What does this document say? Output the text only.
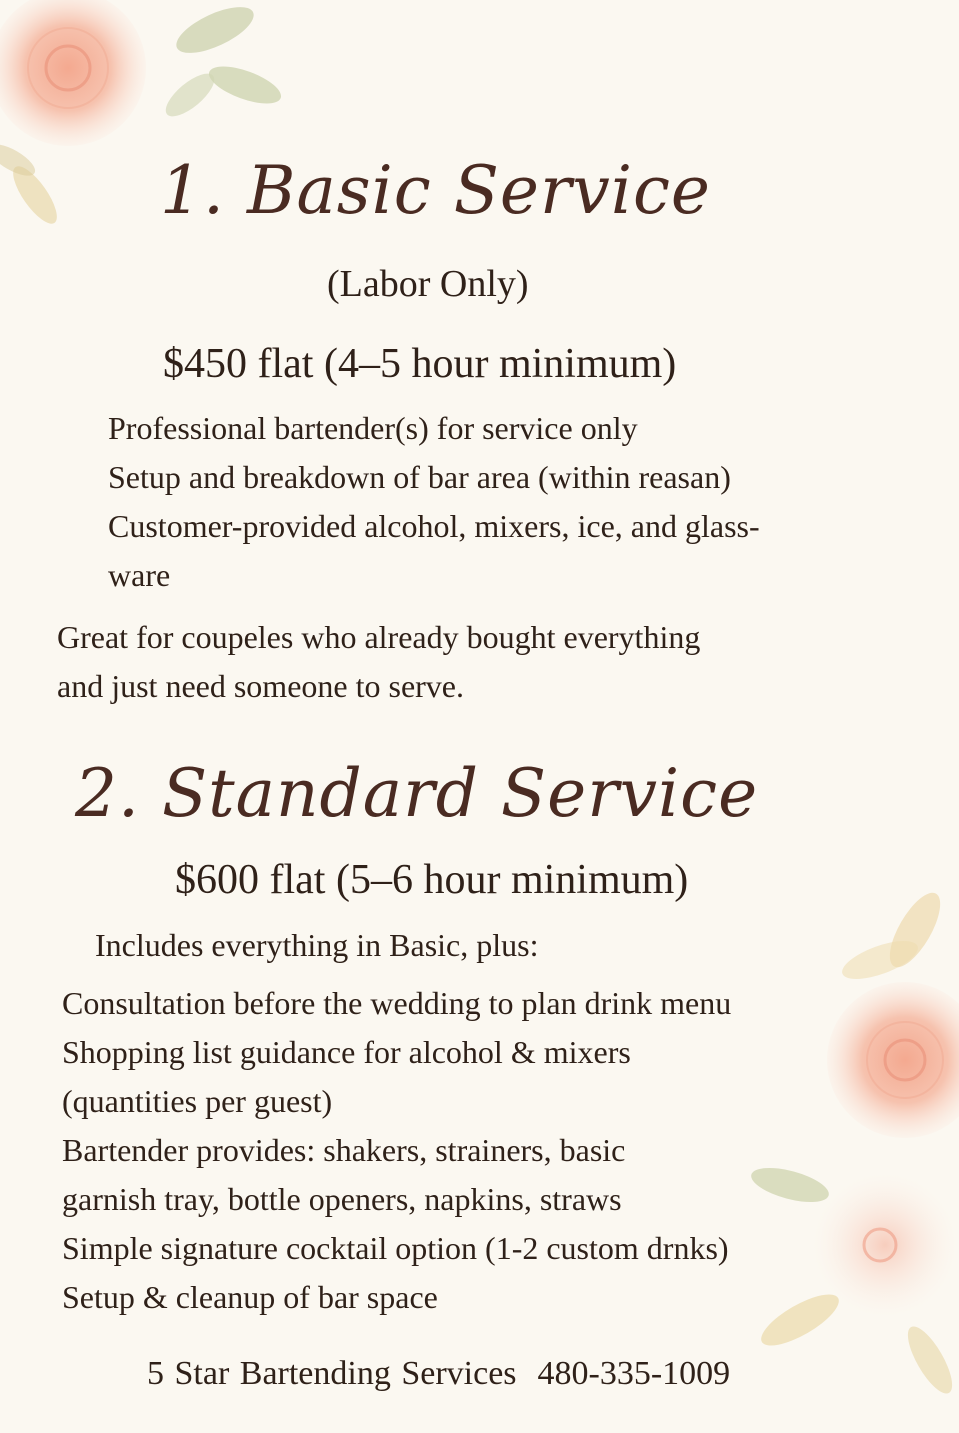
1. Basic Service

(Labor Only)

$450 flat (4–5 hour minimum)

Professional bartender(s) for service only

Setup and breakdown of bar area (within reasan)

Customer-provided alcohol, mixers, ice, and glass-

ware

Great for coupeles who already bought everything

and just need someone to serve.

2. Standard Service

$600 flat (5–6 hour minimum)

Includes everything in Basic, plus:

Consultation before the wedding to plan drink menu

Shopping list guidance for alcohol & mixers

(quantities per guest)

Bartender provides: shakers, strainers, basic

garnish tray, bottle openers, napkins, straws

Simple signature cocktail option (1-2 custom drnks)

Setup & cleanup of bar space

5 Star Bartending Services 480-335-1009
